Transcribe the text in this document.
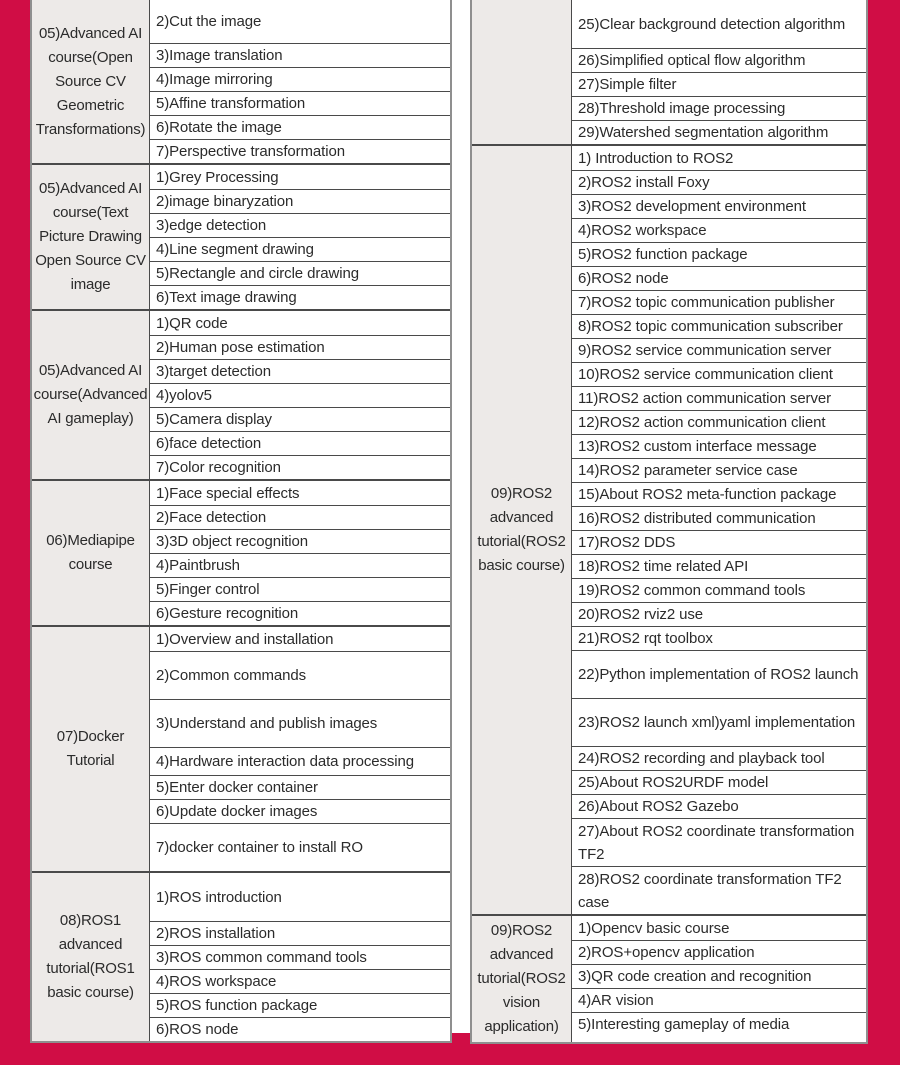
05)Advanced AI course(Open Source CV Geometric Transformations)
2)Cut the image
3)Image translation
4)Image mirroring
5)Affine transformation
6)Rotate the image
7)Perspective transformation
05)Advanced AI course(Text Picture Drawing Open Source CV image
1)Grey Processing
2)image binaryzation
3)edge detection
4)Line segment drawing
5)Rectangle and circle drawing
6)Text image drawing
05)Advanced AI course(Advanced AI gameplay)
1)QR code
2)Human pose estimation
3)target detection
4)yolov5
5)Camera display
6)face detection
7)Color recognition
06)Mediapipe course
1)Face special effects
2)Face detection
3)3D object recognition
4)Paintbrush
5)Finger control
6)Gesture recognition
07)Docker Tutorial
1)Overview and installation
2)Common commands
3)Understand and publish images
4)Hardware interaction data processing
5)Enter docker container
6)Update docker images
7)docker container to install RO
08)ROS1 advanced tutorial(ROS1 basic course)
1)ROS introduction
2)ROS installation
3)ROS common command tools
4)ROS workspace
5)ROS function package
6)ROS node
25)Clear background detection algorithm
26)Simplified optical flow algorithm
27)Simple filter
28)Threshold image processing
29)Watershed segmentation algorithm
09)ROS2 advanced tutorial(ROS2 basic course)
1) Introduction to ROS2
2)ROS2 install Foxy
3)ROS2 development environment
4)ROS2 workspace
5)ROS2 function package
6)ROS2 node
7)ROS2 topic communication publisher
8)ROS2 topic communication subscriber
9)ROS2 service communication server
10)ROS2 service communication client
11)ROS2 action communication server
12)ROS2 action communication client
13)ROS2 custom interface message
14)ROS2 parameter service case
15)About ROS2 meta-function package
16)ROS2 distributed communication
17)ROS2 DDS
18)ROS2 time related API
19)ROS2 common command tools
20)ROS2 rviz2 use
21)ROS2 rqt toolbox
22)Python implementation of ROS2 launch
23)ROS2 launch xml)yaml implementation
24)ROS2 recording and playback tool
25)About ROS2URDF model
26)About ROS2 Gazebo
27)About ROS2 coordinate transformation TF2
28)ROS2 coordinate transformation TF2 case
09)ROS2 advanced tutorial(ROS2 vision application)
1)Opencv basic course
2)ROS+opencv application
3)QR code creation and recognition
4)AR vision
5)Interesting gameplay of media
